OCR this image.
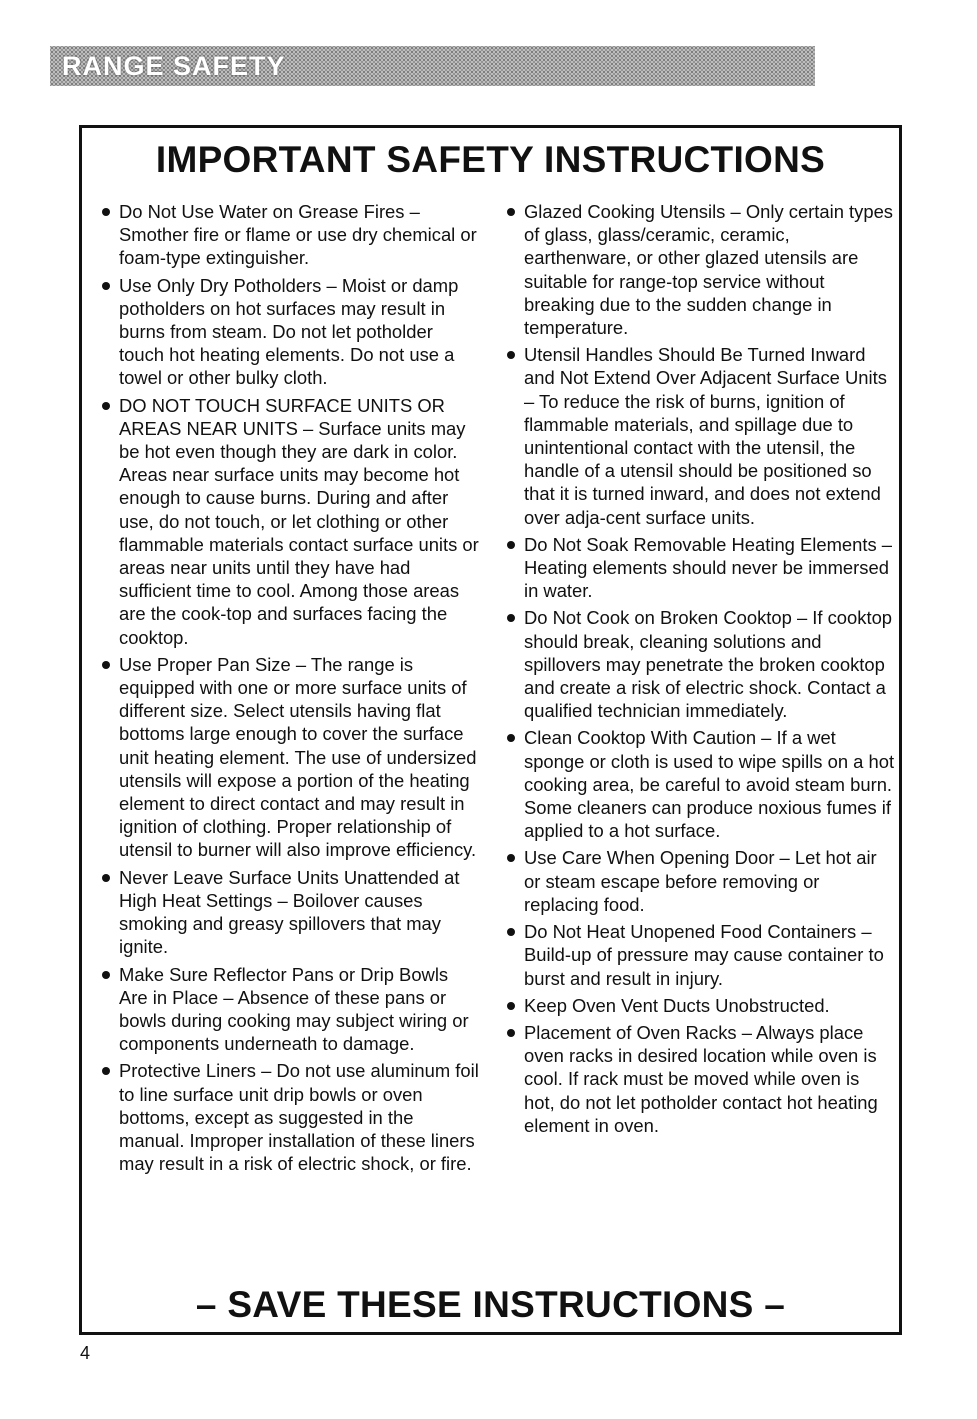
RANGE SAFETY
IMPORTANT SAFETY INSTRUCTIONS
Do Not Use Water on Grease Fires – Smother fire or flame or use dry chemical or foam-type extinguisher.
Use Only Dry Potholders – Moist or damp potholders on hot surfaces may result in burns from steam. Do not let potholder touch hot heating elements. Do not use a towel or other bulky cloth.
DO NOT TOUCH SURFACE UNITS OR AREAS NEAR UNITS – Surface units may be hot even though they are dark in color. Areas near surface units may become hot enough to cause burns. During and after use, do not touch, or let clothing or other flammable materials contact surface units or areas near units until they have had sufficient time to cool. Among those areas are the cook-top and surfaces facing the cooktop.
Use Proper Pan Size – The range is equipped with one or more surface units of different size. Select utensils having flat bottoms large enough to cover the surface unit heating element. The use of undersized utensils will expose a portion of the heating element to direct contact and may result in ignition of clothing. Proper relationship of utensil to burner will also improve efficiency.
Never Leave Surface Units Unattended at High Heat Settings – Boilover causes smoking and greasy spillovers that may ignite.
Make Sure Reflector Pans or Drip Bowls Are in Place – Absence of these pans or bowls during cooking may subject wiring or components underneath to damage.
Protective Liners – Do not use aluminum foil to line surface unit drip bowls or oven bottoms, except as suggested in the manual. Improper installation of these liners may result in a risk of electric shock, or fire.
Glazed Cooking Utensils – Only certain types of glass, glass/ceramic, ceramic, earthenware, or other glazed utensils are suitable for range-top service without breaking due to the sudden change in temperature.
Utensil Handles Should Be Turned Inward and Not Extend Over Adjacent Surface Units – To reduce the risk of burns, ignition of flammable materials, and spillage due to unintentional contact with the utensil, the handle of a utensil should be positioned so that it is turned inward, and does not extend over adja-cent surface units.
Do Not Soak Removable Heating Elements – Heating elements should never be immersed in water.
Do Not Cook on Broken Cooktop – If cooktop should break, cleaning solutions and spillovers may penetrate the broken cooktop and create a risk of electric shock. Contact a qualified technician immediately.
Clean Cooktop With Caution – If a wet sponge or cloth is used to wipe spills on a hot cooking area, be careful to avoid steam burn. Some cleaners can produce noxious fumes if applied to a hot surface.
Use Care When Opening Door – Let hot air or steam escape before removing or replacing food.
Do Not Heat Unopened Food Containers – Build-up of pressure may cause container to burst and result in injury.
Keep Oven Vent Ducts Unobstructed.
Placement of Oven Racks – Always place oven racks in desired location while oven is cool. If rack must be moved while oven is hot, do not let potholder contact hot heating element in oven.
– SAVE THESE INSTRUCTIONS –
4
